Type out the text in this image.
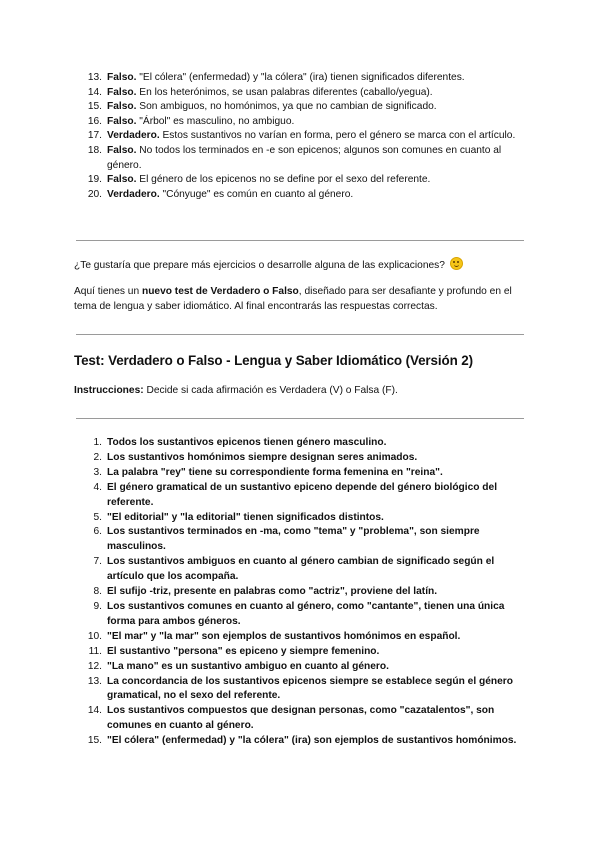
13. Falso. "El cólera" (enfermedad) y "la cólera" (ira) tienen significados diferentes.
14. Falso. En los heterónimos, se usan palabras diferentes (caballo/yegua).
15. Falso. Son ambiguos, no homónimos, ya que no cambian de significado.
16. Falso. "Árbol" es masculino, no ambiguo.
17. Verdadero. Estos sustantivos no varían en forma, pero el género se marca con el artículo.
18. Falso. No todos los terminados en -e son epicenos; algunos son comunes en cuanto al género.
19. Falso. El género de los epicenos no se define por el sexo del referente.
20. Verdadero. "Cónyuge" es común en cuanto al género.

¿Te gustaría que prepare más ejercicios o desarrolle alguna de las explicaciones?

Aquí tienes un nuevo test de Verdadero o Falso, diseñado para ser desafiante y profundo en el tema de lengua y saber idiomático. Al final encontrarás las respuestas correctas.

Test: Verdadero o Falso - Lengua y Saber Idiomático (Versión 2)

Instrucciones: Decide si cada afirmación es Verdadera (V) o Falsa (F).

1. Todos los sustantivos epicenos tienen género masculino.
2. Los sustantivos homónimos siempre designan seres animados.
3. La palabra "rey" tiene su correspondiente forma femenina en "reina".
4. El género gramatical de un sustantivo epiceno depende del género biológico del referente.
5. "El editorial" y "la editorial" tienen significados distintos.
6. Los sustantivos terminados en -ma, como "tema" y "problema", son siempre masculinos.
7. Los sustantivos ambiguos en cuanto al género cambian de significado según el artículo que los acompaña.
8. El sufijo -triz, presente en palabras como "actriz", proviene del latín.
9. Los sustantivos comunes en cuanto al género, como "cantante", tienen una única forma para ambos géneros.
10. "El mar" y "la mar" son ejemplos de sustantivos homónimos en español.
11. El sustantivo "persona" es epiceno y siempre femenino.
12. "La mano" es un sustantivo ambiguo en cuanto al género.
13. La concordancia de los sustantivos epicenos siempre se establece según el género gramatical, no el sexo del referente.
14. Los sustantivos compuestos que designan personas, como "cazatalentos", son comunes en cuanto al género.
15. "El cólera" (enfermedad) y "la cólera" (ira) son ejemplos de sustantivos homónimos.
